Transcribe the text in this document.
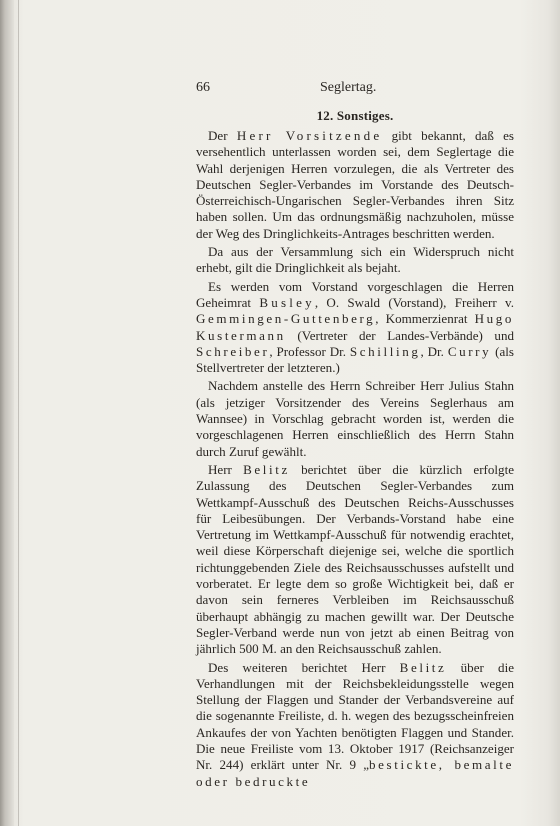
66	Seglertag.
12. Sonstiges.

Der Herr Vorsitzende gibt bekannt, daß es versehentlich unterlassen worden sei, dem Seglertage die Wahl derjenigen Herren vorzulegen, die als Vertreter des Deutschen Segler-Verbandes im Vorstande des Deutsch-Österreichisch-Ungarischen Segler-Verbandes ihren Sitz haben sollen. Um das ordnungsmäßig nachzuholen, müsse der Weg des Dringlichkeits-Antrages beschritten werden.

Da aus der Versammlung sich ein Widerspruch nicht erhebt, gilt die Dringlichkeit als bejaht.

Es werden vom Vorstand vorgeschlagen die Herren Geheimrat Busley, O. Swald (Vorstand), Freiherr v. Gemmingen-Guttenberg, Kommerzienrat Hugo Kustermann (Vertreter der Landes-Verbände) und Schreiber, Professor Dr. Schilling, Dr. Curry (als Stellvertreter der letzteren.)

Nachdem anstelle des Herrn Schreiber Herr Julius Stahn (als jetziger Vorsitzender des Vereins Seglerhaus am Wannsee) in Vorschlag gebracht worden ist, werden die vorgeschlagenen Herren einschließlich des Herrn Stahn durch Zuruf gewählt.

Herr Belitz berichtet über die kürzlich erfolgte Zulassung des Deutschen Segler-Verbandes zum Wettkampf-Ausschuß des Deutschen Reichs-Ausschusses für Leibesübungen. Der Verbands-Vorstand habe eine Vertretung im Wettkampf-Ausschuß für notwendig erachtet, weil diese Körperschaft diejenige sei, welche die sportlich richtunggebenden Ziele des Reichsausschusses aufstellt und vorberatet. Er legte dem so große Wichtigkeit bei, daß er davon sein ferneres Verbleiben im Reichsausschuß überhaupt abhängig zu machen gewillt war. Der Deutsche Segler-Verband werde nun von jetzt ab einen Beitrag von jährlich 500 M. an den Reichsausschuß zahlen.

Des weiteren berichtet Herr Belitz über die Verhandlungen mit der Reichsbekleidungsstelle wegen Stellung der Flaggen und Stander der Verbandsvereine auf die sogenannte Freiliste, d. h. wegen des bezugsscheinfreien Ankaufes der von Yachten benötigten Flaggen und Stander. Die neue Freiliste vom 13. Oktober 1917 (Reichsanzeiger Nr. 244) erklärt unter Nr. 9 „bestickte, bemalte oder bedruckte
